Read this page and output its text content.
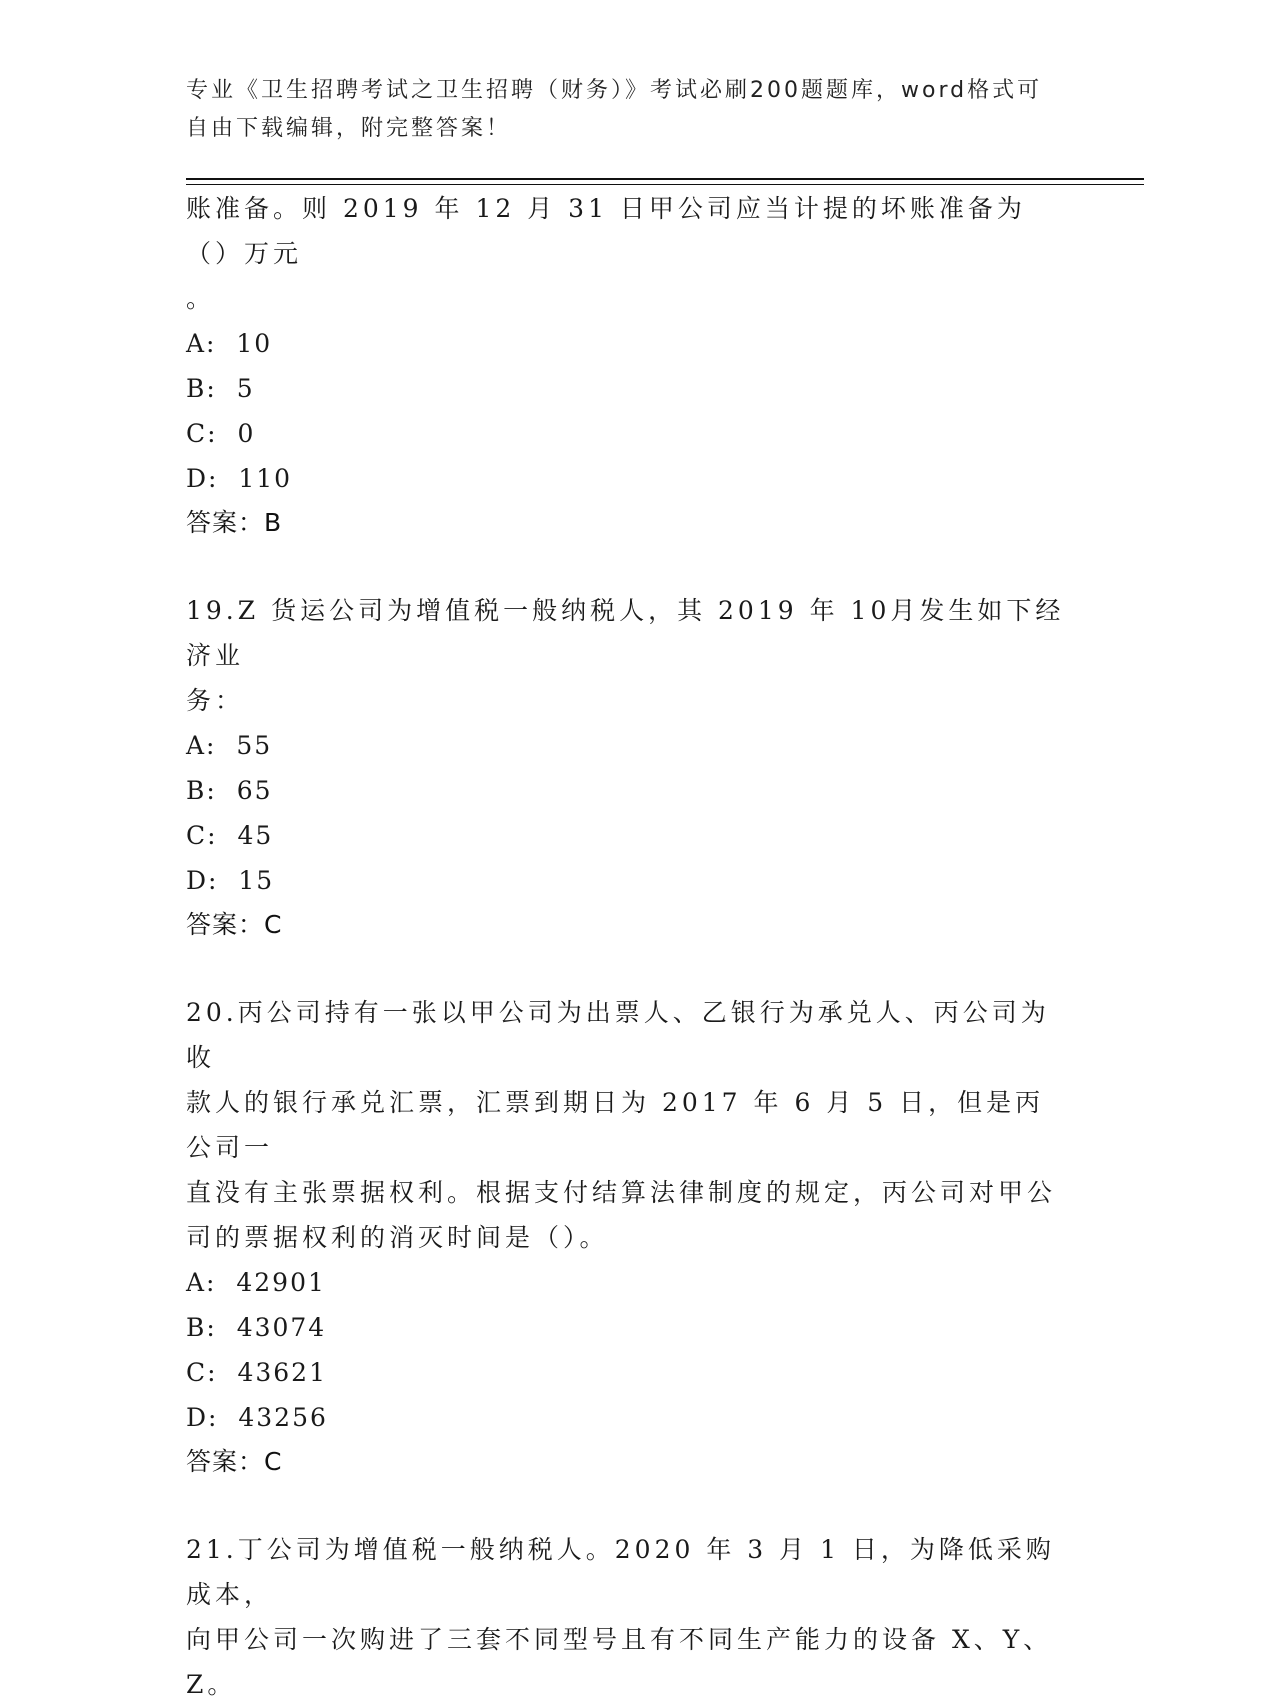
专业《卫生招聘考试之卫生招聘（财务）》考试必刷200题题库，word格式可自由下载编辑，附完整答案！

账准备。则 2019 年 12 月 31 日甲公司应当计提的坏账准备为（）万元

。

A:  10

B:  5

C:  0

D:  110

答案：B

19.Z 货运公司为增值税一般纳税人，其 2019 年 10月发生如下经济业

务：

A:  55

B:  65

C:  45

D:  15

答案：C

20.丙公司持有一张以甲公司为出票人、乙银行为承兑人、丙公司为收

款人的银行承兑汇票，汇票到期日为 2017 年 6 月 5 日，但是丙公司一

直没有主张票据权利。根据支付结算法律制度的规定，丙公司对甲公

司的票据权利的消灭时间是（）。

A:  42901

B:  43074

C:  43621

D:  43256

答案：C

21.丁公司为增值税一般纳税人。2020 年 3 月 1 日，为降低采购成本，

向甲公司一次购进了三套不同型号且有不同生产能力的设备 X、Y、Z。
